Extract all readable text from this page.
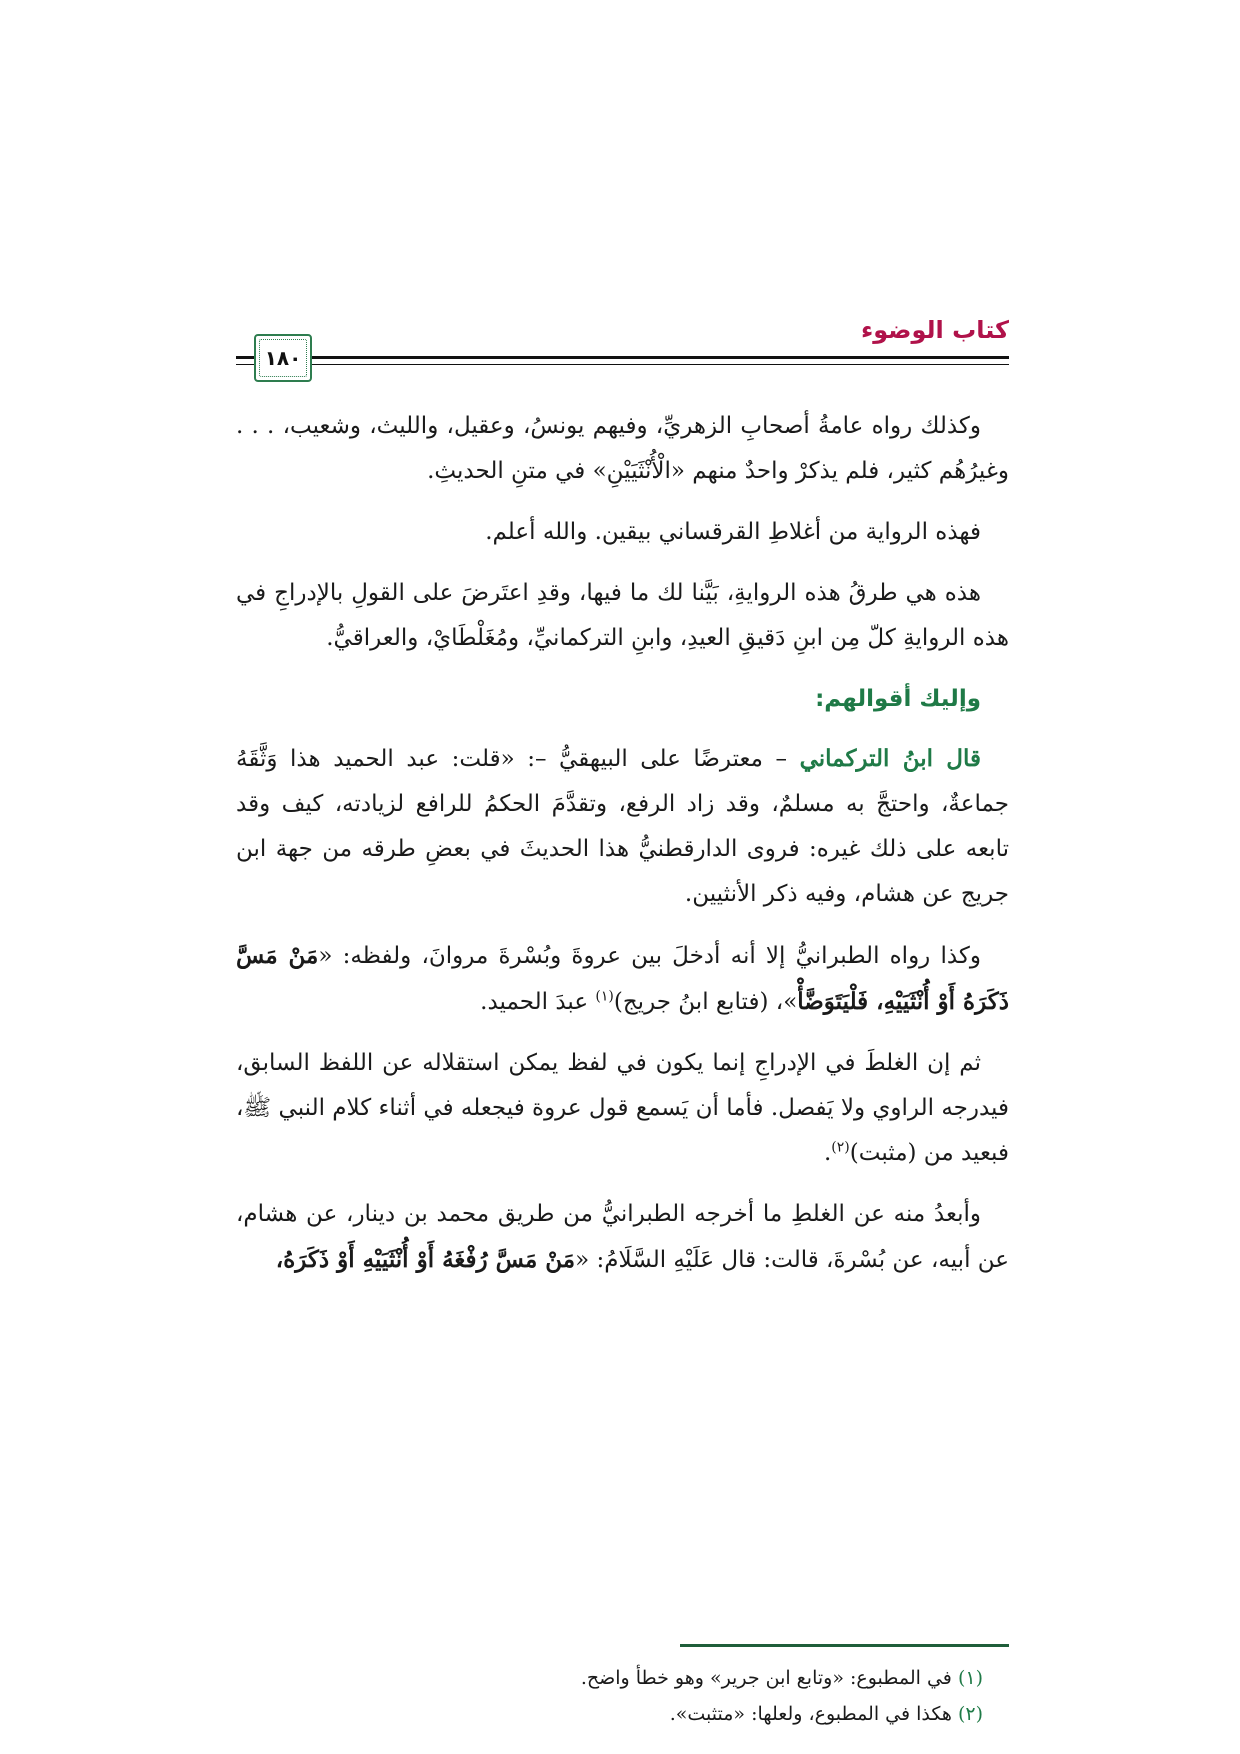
كتاب الوضوء
١٨٠

وكذلك رواه عامةُ أصحابِ الزهريِّ، وفيهم يونسُ، وعقيل، والليث، وشعيب، . . . وغيرُهُم كثير، فلم يذكرْ واحدٌ منهم «الْأُنْثَيَيْنِ» في متنِ الحديثِ.

فهذه الرواية من أغلاطِ القرقساني بيقين. والله أعلم.

هذه هي طرقُ هذه الروايةِ، بَيَّنا لك ما فيها، وقدِ اعتَرضَ على القولِ بالإدراجِ في هذه الروايةِ كلّ مِن ابنِ دَقيقِ العيدِ، وابنِ التركمانيِّ، ومُغَلْطَايْ، والعراقيُّ.

وإليك أقوالهم:

قال ابنُ التركماني – معترضًا على البيهقيُّ –: «قلت: عبد الحميد هذا وَثَّقَهُ جماعةٌ، واحتجَّ به مسلمٌ، وقد زاد الرفع، وتقدَّمَ الحكمُ للرافع لزيادته، كيف وقد تابعه على ذلك غيره: فروى الدارقطنيُّ هذا الحديثَ في بعضِ طرقه من جهة ابن جريج عن هشام، وفيه ذكر الأنثيين.

وكذا رواه الطبرانيُّ إلا أنه أدخلَ بين عروةَ وبُسْرةَ مروانَ، ولفظه: «مَنْ مَسَّ ذَكَرَهُ أَوْ أُنْثَيَيْهِ، فَلْيَتَوَضَّأْ»، (فتابع ابنُ جريج)$^{(١)}$ عبدَ الحميد.

ثم إن الغلطَ في الإدراجِ إنما يكون في لفظ يمكن استقلاله عن اللفظ السابق، فيدرجه الراوي ولا يَفصل. فأما أن يَسمع قول عروة فيجعله في أثناء كلام النبي ﷺ، فبعيد من (مثبت)$^{(٢)}$.

وأبعدُ منه عن الغلطِ ما أخرجه الطبرانيُّ من طريق محمد بن دينار، عن هشام، عن أبيه، عن بُسْرةَ، قالت: قال عَلَيْهِ السَّلَامُ: «مَنْ مَسَّ رُفْغَهُ أَوْ أُنْثَيَيْهِ أَوْ ذَكَرَهُ،

(١) في المطبوع: «وتابع ابن جرير» وهو خطأ واضح.
(٢) هكذا في المطبوع، ولعلها: «متثبت».
